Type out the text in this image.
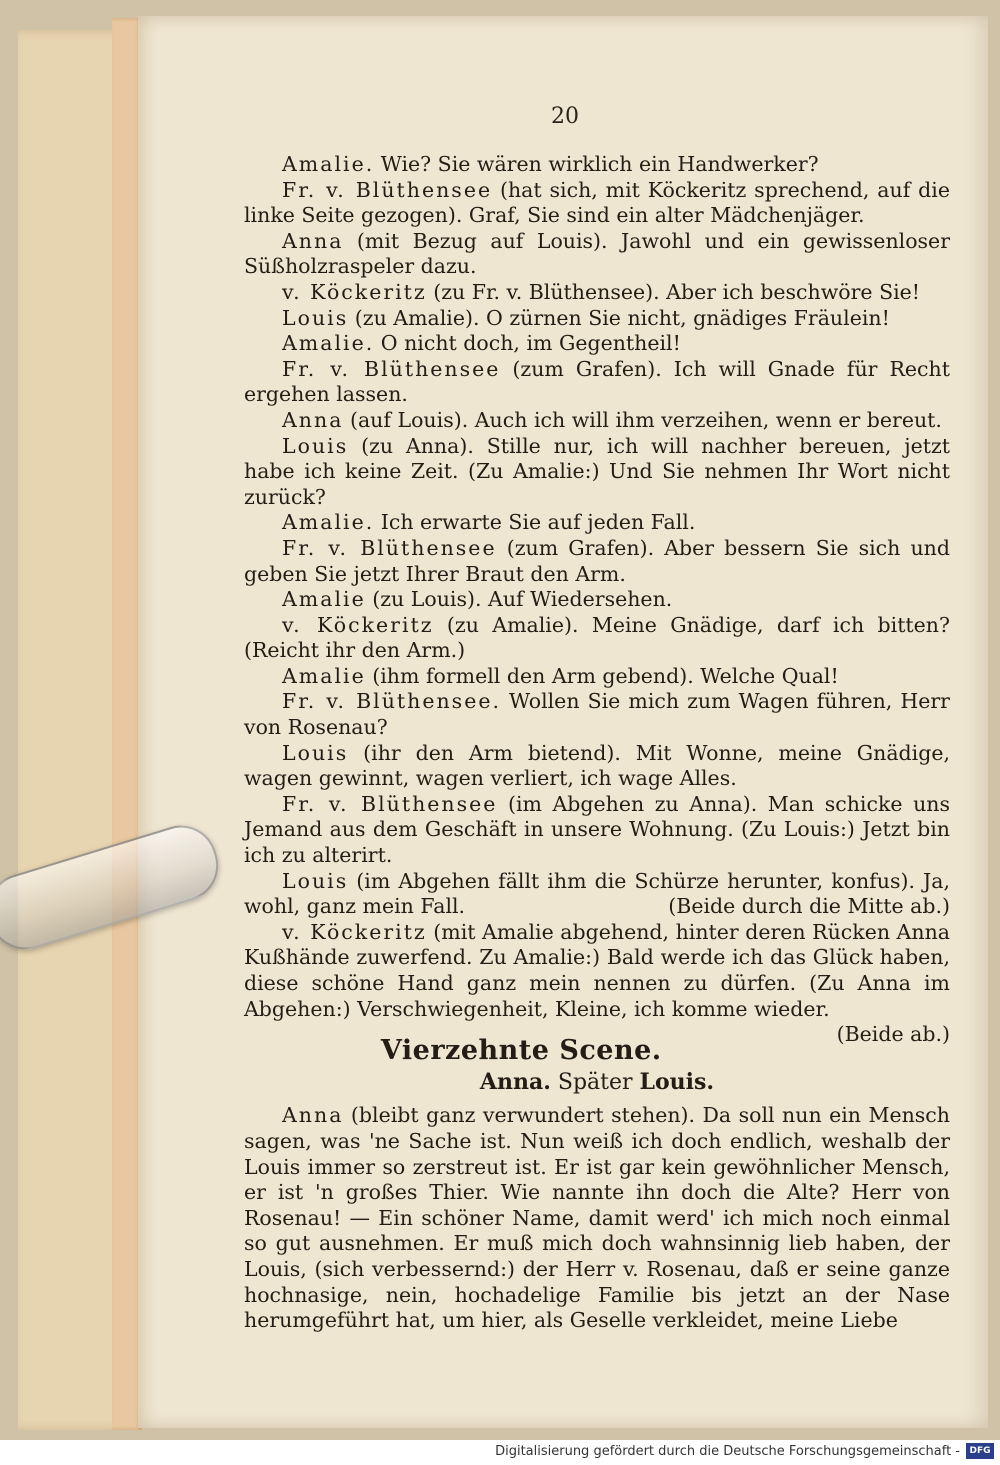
20

Amalie. Wie? Sie wären wirklich ein Handwerker?

Fr. v. Blüthensee (hat sich, mit Köckeritz sprechend, auf die linke Seite gezogen). Graf, Sie sind ein alter Mädchenjäger.

Anna (mit Bezug auf Louis). Jawohl und ein gewissenloser Süßholzraspeler dazu.

v. Köckeritz (zu Fr. v. Blüthensee). Aber ich beschwöre Sie!

Louis (zu Amalie). O zürnen Sie nicht, gnädiges Fräulein!

Amalie. O nicht doch, im Gegentheil!

Fr. v. Blüthensee (zum Grafen). Ich will Gnade für Recht ergehen lassen.

Anna (auf Louis). Auch ich will ihm verzeihen, wenn er bereut.

Louis (zu Anna). Stille nur, ich will nachher bereuen, jetzt habe ich keine Zeit. (Zu Amalie:) Und Sie nehmen Ihr Wort nicht zurück?

Amalie. Ich erwarte Sie auf jeden Fall.

Fr. v. Blüthensee (zum Grafen). Aber bessern Sie sich und geben Sie jetzt Ihrer Braut den Arm.

Amalie (zu Louis). Auf Wiedersehen.

v. Köckeritz (zu Amalie). Meine Gnädige, darf ich bitten? (Reicht ihr den Arm.)

Amalie (ihm formell den Arm gebend). Welche Qual!

Fr. v. Blüthensee. Wollen Sie mich zum Wagen führen, Herr von Rosenau?

Louis (ihr den Arm bietend). Mit Wonne, meine Gnädige, wagen gewinnt, wagen verliert, ich wage Alles.

Fr. v. Blüthensee (im Abgehen zu Anna). Man schicke uns Jemand aus dem Geschäft in unsere Wohnung. (Zu Louis:) Jetzt bin ich zu alterirt.

Louis (im Abgehen fällt ihm die Schürze herunter, konfus). Ja, wohl, ganz mein Fall.	(Beide durch die Mitte ab.)

v. Köckeritz (mit Amalie abgehend, hinter deren Rücken Anna Kußhände zuwerfend. Zu Amalie:) Bald werde ich das Glück haben, diese schöne Hand ganz mein nennen zu dürfen. (Zu Anna im Abgehen:) Verschwiegenheit, Kleine, ich komme wieder.
(Beide ab.)

Vierzehnte Scene.

Anna. Später Louis.

Anna (bleibt ganz verwundert stehen). Da soll nun ein Mensch sagen, was 'ne Sache ist. Nun weiß ich doch endlich, weshalb der Louis immer so zerstreut ist. Er ist gar kein gewöhnlicher Mensch, er ist 'n großes Thier. Wie nannte ihn doch die Alte? Herr von Rosenau! — Ein schöner Name, damit werd' ich mich noch einmal so gut ausnehmen. Er muß mich doch wahnsinnig lieb haben, der Louis, (sich verbessernd:) der Herr v. Rosenau, daß er seine ganze hochnasige, nein, hochadelige Familie bis jetzt an der Nase herumgeführt hat, um hier, als Geselle verkleidet, meine Liebe

Digitalisierung gefördert durch die Deutsche Forschungsgemeinschaft -	DFG
